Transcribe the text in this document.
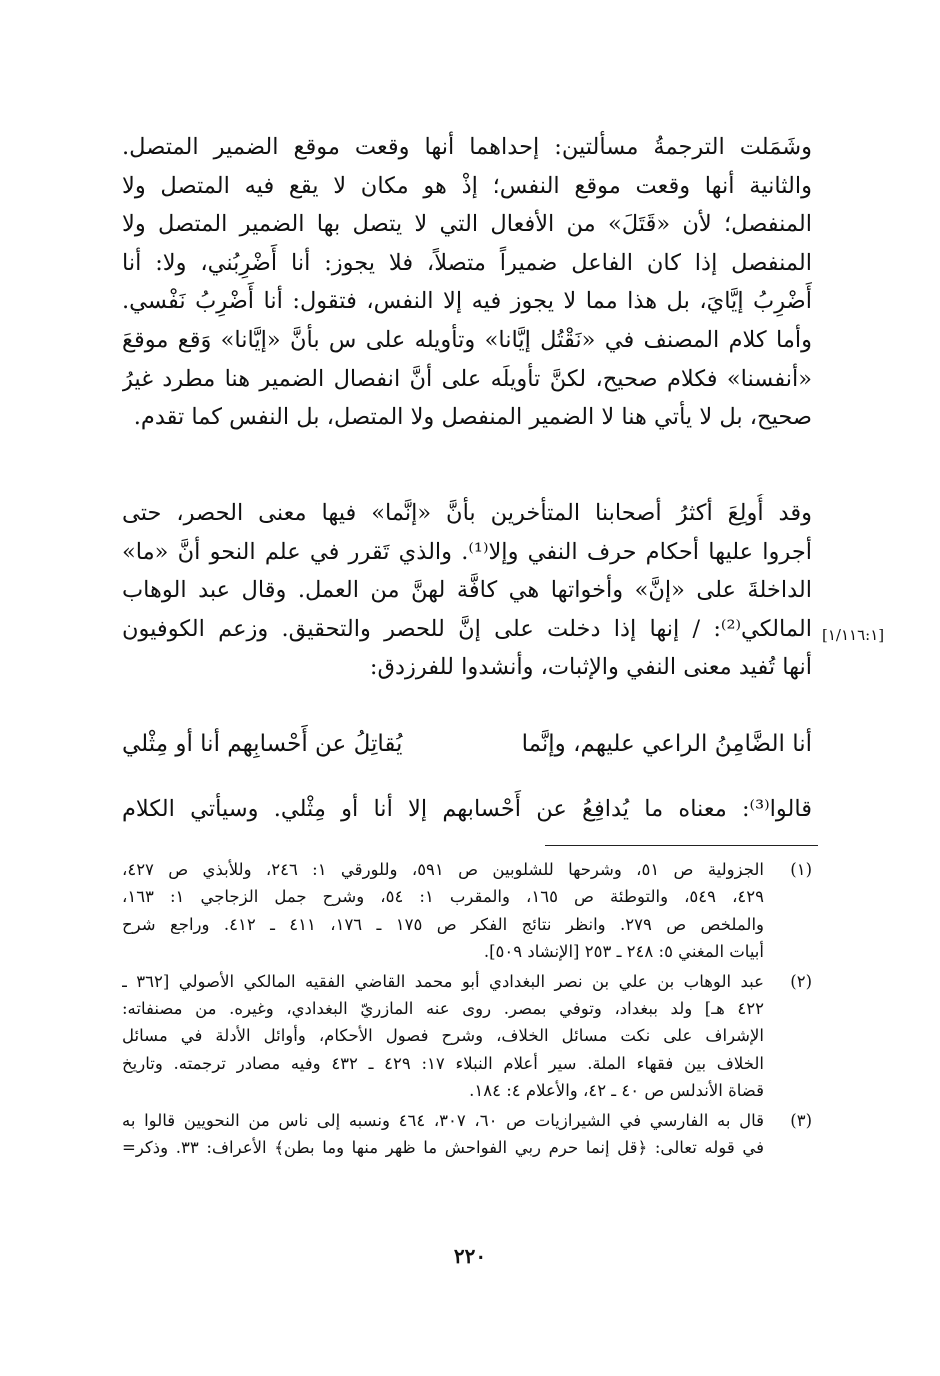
وشَمَلت الترجمةُ مسألتين: إحداهما أنها وقعت موقع الضمير المتصل.
والثانية أنها وقعت موقع النفس؛ إذْ هو مكان لا يقع فيه المتصل ولا
المنفصل؛ لأن «قَتَلَ» من الأفعال التي لا يتصل بها الضمير المتصل ولا
المنفصل إذا كان الفاعل ضميراً متصلاً، فلا يجوز: أنا أَضْرِبُني، ولا: أنا
أَضْرِبُ إيَّايَ، بل هذا مما لا يجوز فيه إلا النفس، فتقول: أنا أَضْرِبُ نَفْسي.
وأما كلام المصنف في «نَقْتُل إيَّانا» وتأويله على س بأنَّ «إيَّانا» وَقع موقعَ
«أنفسنا» فكلام صحيح، لكنَّ تأويلَه على أنَّ انفصال الضمير هنا مطرد غيرُ
صحيح، بل لا يأتي هنا لا الضمير المنفصل ولا المتصل، بل النفس كما تقدم.
وقد أُولِعَ أكثرُ أصحابنا المتأخرين بأنَّ «إنَّما» فيها معنى الحصر، حتى
أجروا عليها أحكام حرف النفي وإلا⁽¹⁾. والذي تَقرر في علم النحو أنَّ «ما»
الداخلةَ على «إنَّ» وأخواتها هي كافَّة لهنَّ من العمل. وقال عبد الوهاب
المالكي⁽²⁾: / إنها إذا دخلت على إنَّ للحصر والتحقيق. وزعم الكوفيون
أنها تُفيد معنى النفي والإثبات، وأنشدوا للفرزدق:
[١/١١٦:١]
أنا الضَّامِنُ الراعي عليهم، وإنَّما
يُقاتِلُ عن أَحْسابِهم أنا أو مِثْلي
قالوا⁽³⁾: معناه ما يُدافِعُ عن أَحْسابهم إلا أنا أو مِثْلي. وسيأتي الكلام
(١)
الجزولية ص ٥١، وشرحها للشلوبين ص ٥٩١، وللورقي ١: ٢٤٦، وللأبذي ص ٤٢٧،
٤٢٩، ٥٤٩، والتوطئة ص ١٦٥، والمقرب ١: ٥٤، وشرح جمل الزجاجي ١: ١٦٣،
والملخص ص ٢٧٩. وانظر نتائج الفكر ص ١٧٥ ـ ١٧٦، ٤١١ ـ ٤١٢. وراجع شرح
أبيات المغني ٥: ٢٤٨ ـ ٢٥٣ [الإنشاد ٥٠٩].
(٢)
عبد الوهاب بن علي بن نصر البغدادي أبو محمد القاضي الفقيه المالكي الأصولي [٣٦٢ ـ
٤٢٢ هـ] ولد ببغداد، وتوفي بمصر. روى عنه المازريّ البغدادي، وغيره. من مصنفاته:
الإشراف على نكت مسائل الخلاف، وشرح فصول الأحكام، وأوائل الأدلة في مسائل
الخلاف بين فقهاء الملة. سير أعلام النبلاء ١٧: ٤٢٩ ـ ٤٣٢ وفيه مصادر ترجمته. وتاريخ
قضاة الأندلس ص ٤٠ ـ ٤٢، والأعلام ٤: ١٨٤.
(٣)
قال به الفارسي في الشيرازيات ص ٦٠، ٣٠٧، ٤٦٤ ونسبه إلى ناس من النحويين قالوا به
في قوله تعالى: ﴿قل إنما حرم ربي الفواحش ما ظهر منها وما بطن﴾ الأعراف: ٣٣. وذكر=
٢٢٠
